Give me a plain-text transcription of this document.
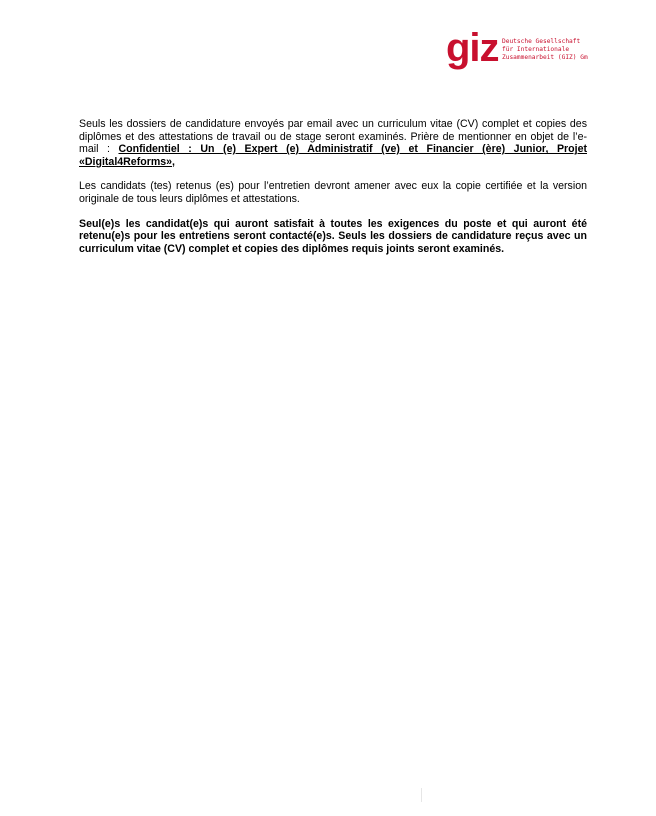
giz Deutsche Gesellschaft
für Internationale
Zusammenarbeit (GIZ) Gm

Seuls les dossiers de candidature envoyés par email avec un curriculum vitae (CV) complet et copies des diplômes et des attestations de travail ou de stage seront examinés. Prière de mentionner en objet de l’e-mail : Confidentiel : Un (e) Expert (e) Administratif (ve) et Financier (ère) Junior, Projet «Digital4Reforms»,

Les candidats (tes) retenus (es) pour l’entretien devront amener avec eux la copie certifiée et la version originale de tous leurs diplômes et attestations.

Seul(e)s les candidat(e)s qui auront satisfait à toutes les exigences du poste et qui auront été retenu(e)s pour les entretiens seront contacté(e)s. Seuls les dossiers de candidature reçus avec un curriculum vitae (CV) complet et copies des diplômes requis joints seront examinés.
